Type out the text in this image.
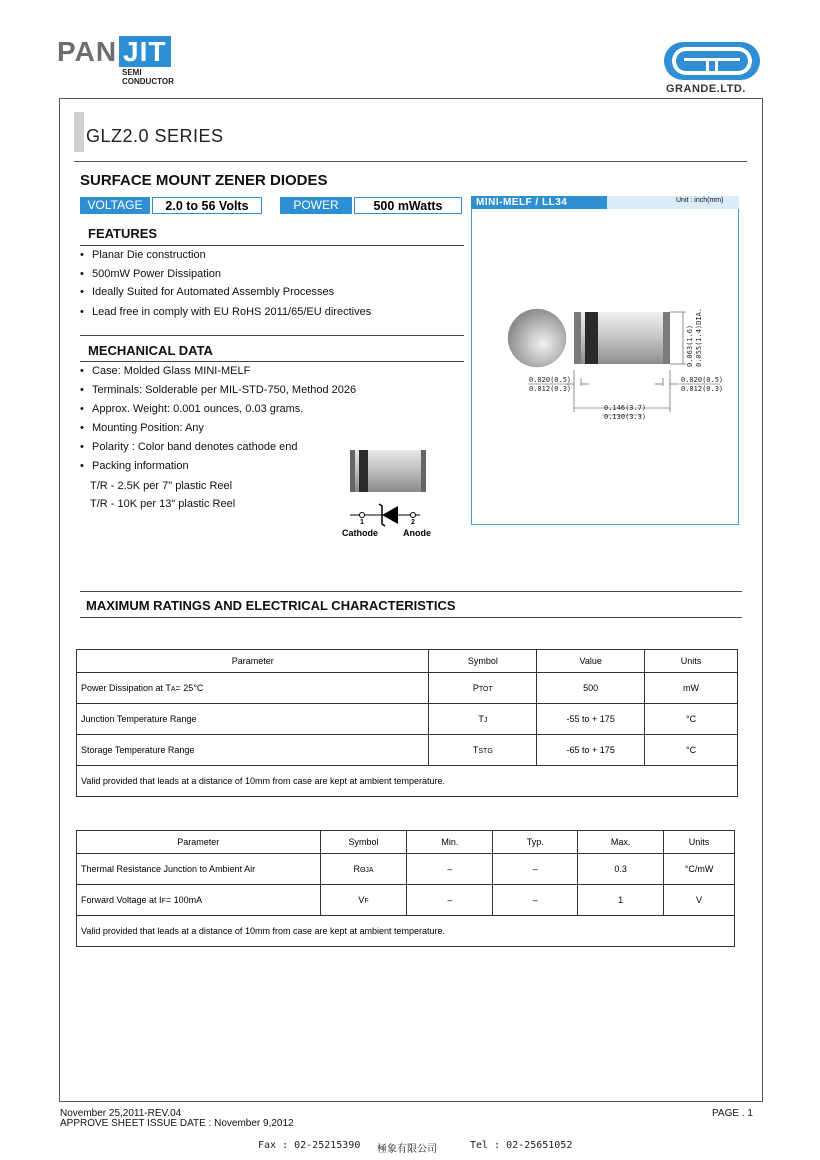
PAN JIT
SEMI
CONDUCTOR
GRANDE.LTD.
GLZ2.0 SERIES
SURFACE MOUNT ZENER DIODES
VOLTAGE	2.0 to 56 Volts	POWER	500 mWatts
FEATURES
• Planar Die construction
• 500mW Power Dissipation
• Ideally Suited for Automated Assembly Processes
• Lead free in comply with EU RoHS 2011/65/EU directives
MECHANICAL DATA
• Case: Molded Glass MINI-MELF
• Terminals: Solderable per MIL-STD-750, Method 2026
• Approx. Weight: 0.001 ounces, 0.03 grams.
• Mounting Position: Any
• Polarity : Color band denotes cathode end
• Packing information
T/R - 2.5K per 7" plastic Reel
T/R - 10K per 13" plastic Reel
1	2
Cathode	Anode
MINI-MELF / LL34	Unit : inch(mm)
0.063(1.6) 0.055(1.4)DIA.
0.020(0.5)
0.012(0.3)
0.020(0.5)
0.012(0.3)
0.146(3.7)
0.130(3.3)
MAXIMUM RATINGS AND ELECTRICAL CHARACTERISTICS
Parameter	Symbol	Value	Units
Power Dissipation at TA= 25°C	PTOT	500	mW
Junction Temperature Range	TJ	-55 to + 175	°C
Storage Temperature Range	TSTG	-65 to + 175	°C
Valid provided that leads at a distance of 10mm from case are kept at ambient temperature.			
Parameter	Symbol	Min.	Typ.	Max.	Units
Thermal Resistance Junction to Ambient Air	RΘJA	–	–	0.3	°C/mW
Forward Voltage at IF= 100mA	VF	–	–	1	V
Valid provided that leads at a distance of 10mm from case are kept at ambient temperature.					
November 25,2011-REV.04
APPROVE SHEET ISSUE DATE : November 9,2012
PAGE . 1
Fax : 02-25215390 極象有限公司	Tel : 02-25651052
